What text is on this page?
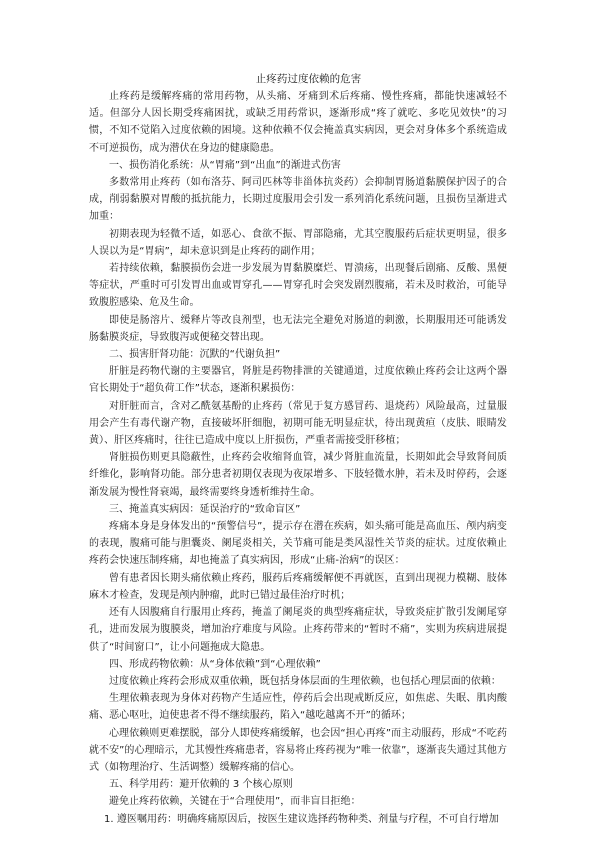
止疼药过度依赖的危害

止疼药是缓解疼痛的常用药物，从头痛、牙痛到术后疼痛、慢性疼痛，都能快速减轻不适。但部分人因长期受疼痛困扰，或缺乏用药常识，逐渐形成“疼了就吃、多吃见效快”的习惯，不知不觉陷入过度依赖的困境。这种依赖不仅会掩盖真实病因，更会对身体多个系统造成不可逆损伤，成为潜伏在身边的健康隐患。

一、损伤消化系统：从“胃痛”到“出血”的渐进式伤害

多数常用止疼药（如布洛芬、阿司匹林等非甾体抗炎药）会抑制胃肠道黏膜保护因子的合成，削弱黏膜对胃酸的抵抗能力，长期过度服用会引发一系列消化系统问题，且损伤呈渐进式加重：

初期表现为轻微不适，如恶心、食欲不振、胃部隐痛，尤其空腹服药后症状更明显，很多人误以为是“胃病”，却未意识到是止疼药的副作用；

若持续依赖，黏膜损伤会进一步发展为胃黏膜糜烂、胃溃疡，出现餐后剧痛、反酸、黑便等症状，严重时可引发胃出血或胃穿孔——胃穿孔时会突发剧烈腹痛，若未及时救治，可能导致腹腔感染、危及生命。

即使是肠溶片、缓释片等改良剂型，也无法完全避免对肠道的刺激，长期服用还可能诱发肠黏膜炎症，导致腹泻或便秘交替出现。

二、损害肝肾功能：沉默的“代谢负担”

肝脏是药物代谢的主要器官，肾脏是药物排泄的关键通道，过度依赖止疼药会让这两个器官长期处于“超负荷工作”状态，逐渐积累损伤：

对肝脏而言，含对乙酰氨基酚的止疼药（常见于复方感冒药、退烧药）风险最高，过量服用会产生有毒代谢产物，直接破坏肝细胞，初期可能无明显症状，待出现黄疸（皮肤、眼睛发黄）、肝区疼痛时，往往已造成中度以上肝损伤，严重者需接受肝移植；

肾脏损伤则更具隐蔽性，止疼药会收缩肾血管，减少肾脏血流量，长期如此会导致肾间质纤维化，影响肾功能。部分患者初期仅表现为夜尿增多、下肢轻微水肿，若未及时停药，会逐渐发展为慢性肾衰竭，最终需要终身透析维持生命。

三、掩盖真实病因：延误治疗的“致命盲区”

疼痛本身是身体发出的“预警信号”，提示存在潜在疾病，如头痛可能是高血压、颅内病变的表现，腹痛可能与胆囊炎、阑尾炎相关，关节痛可能是类风湿性关节炎的症状。过度依赖止疼药会快速压制疼痛，却也掩盖了真实病因，形成“止痛-治病”的误区：

曾有患者因长期头痛依赖止疼药，服药后疼痛缓解便不再就医，直到出现视力模糊、肢体麻木才检查，发现是颅内肿瘤，此时已错过最佳治疗时机；

还有人因腹痛自行服用止疼药，掩盖了阑尾炎的典型疼痛症状，导致炎症扩散引发阑尾穿孔，进而发展为腹膜炎，增加治疗难度与风险。止疼药带来的“暂时不痛”，实则为疾病进展提供了“时间窗口”，让小问题拖成大隐患。

四、形成药物依赖：从“身体依赖”到“心理依赖”

过度依赖止疼药会形成双重依赖，既包括身体层面的生理依赖，也包括心理层面的依赖：

生理依赖表现为身体对药物产生适应性，停药后会出现戒断反应，如焦虑、失眠、肌肉酸痛、恶心呕吐，迫使患者不得不继续服药，陷入“越吃越离不开”的循环；

心理依赖则更难摆脱，部分人即使疼痛缓解，也会因“担心再疼”而主动服药，形成“不吃药就不安”的心理暗示，尤其慢性疼痛患者，容易将止疼药视为“唯一依靠”，逐渐丧失通过其他方式（如物理治疗、生活调整）缓解疼痛的信心。

五、科学用药：避开依赖的 3 个核心原则

避免止疼药依赖，关键在于“合理使用”，而非盲目拒绝：

1. 遵医嘱用药：明确疼痛原因后，按医生建议选择药物种类、剂量与疗程，不可自行增加
